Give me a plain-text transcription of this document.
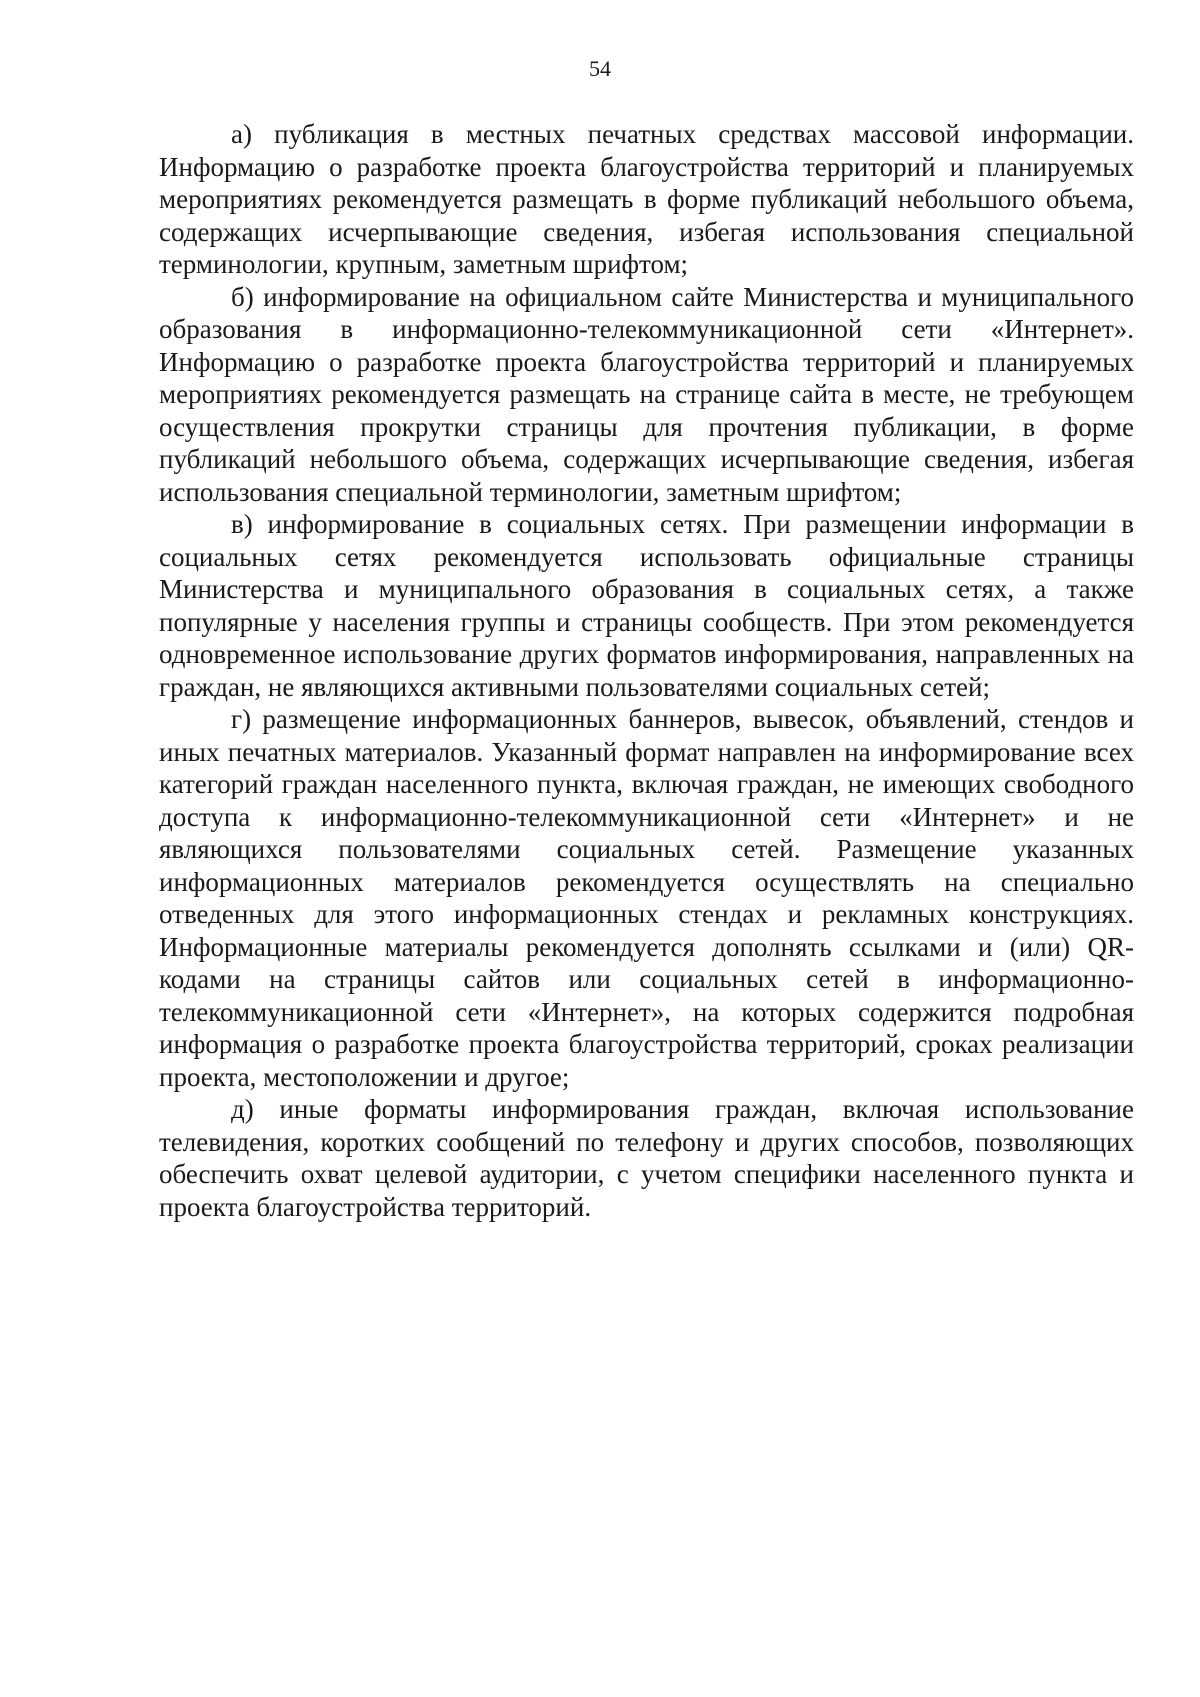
54

а) публикация в местных печатных средствах массовой информации. Информацию о разработке проекта благоустройства территорий и планируемых мероприятиях рекомендуется размещать в форме публикаций небольшого объема, содержащих исчерпывающие сведения, избегая использования специальной терминологии, крупным, заметным шрифтом;

б) информирование на официальном сайте Министерства и муниципального образования в информационно-телекоммуникационной сети «Интернет». Информацию о разработке проекта благоустройства территорий и планируемых мероприятиях рекомендуется размещать на странице сайта в месте, не требующем осуществления прокрутки страницы для прочтения публикации, в форме публикаций небольшого объема, содержащих исчерпывающие сведения, избегая использования специальной терминологии, заметным шрифтом;

в) информирование в социальных сетях. При размещении информации в социальных сетях рекомендуется использовать официальные страницы Министерства и муниципального образования в социальных сетях, а также популярные у населения группы и страницы сообществ. При этом рекомендуется одновременное использование других форматов информирования, направленных на граждан, не являющихся активными пользователями социальных сетей;

г) размещение информационных баннеров, вывесок, объявлений, стендов и иных печатных материалов. Указанный формат направлен на информирование всех категорий граждан населенного пункта, включая граждан, не имеющих свободного доступа к информационно-телекоммуникационной сети «Интернет» и не являющихся пользователями социальных сетей. Размещение указанных информационных материалов рекомендуется осуществлять на специально отведенных для этого информационных стендах и рекламных конструкциях. Информационные материалы рекомендуется дополнять ссылками и (или) QR-кодами на страницы сайтов или социальных сетей в информационно-телекоммуникационной сети «Интернет», на которых содержится подробная информация о разработке проекта благоустройства территорий, сроках реализации проекта, местоположении и другое;

д) иные форматы информирования граждан, включая использование телевидения, коротких сообщений по телефону и других способов, позволяющих обеспечить охват целевой аудитории, с учетом специфики населенного пункта и проекта благоустройства территорий.
